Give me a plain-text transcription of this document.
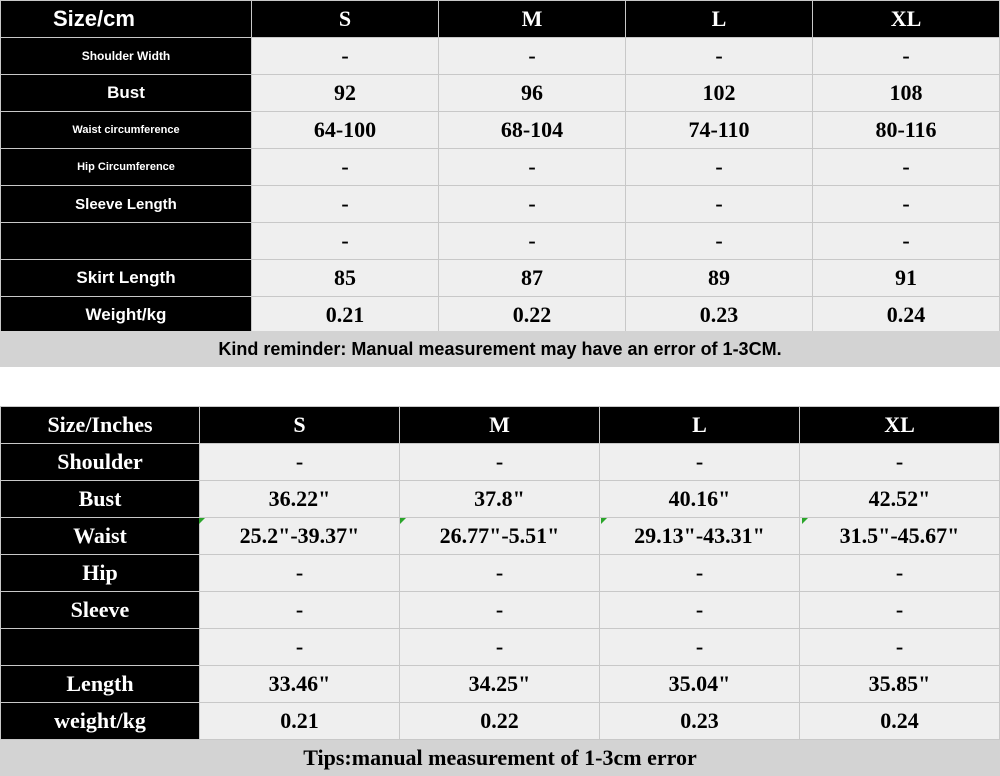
Size/cm	S	M	L	XL
Shoulder Width	-	-	-	-
Bust	92	96	102	108
Waist circumference	64-100	68-104	74-110	80-116
Hip Circumference	-	-	-	-
Sleeve Length	-	-	-	-
	-	-	-	-
Skirt Length	85	87	89	91
Weight/kg	0.21	0.22	0.23	0.24
Kind reminder: Manual measurement may have an error of 1-3CM.
Size/Inches	S	M	L	XL
Shoulder	-	-	-	-
Bust	36.22"	37.8"	40.16"	42.52"
Waist	25.2"-39.37"	26.77"-5.51"	29.13"-43.31"	31.5"-45.67"
Hip	-	-	-	-
Sleeve	-	-	-	-
	-	-	-	-
Length	33.46"	34.25"	35.04"	35.85"
weight/kg	0.21	0.22	0.23	0.24
Tips:manual measurement of 1-3cm error
